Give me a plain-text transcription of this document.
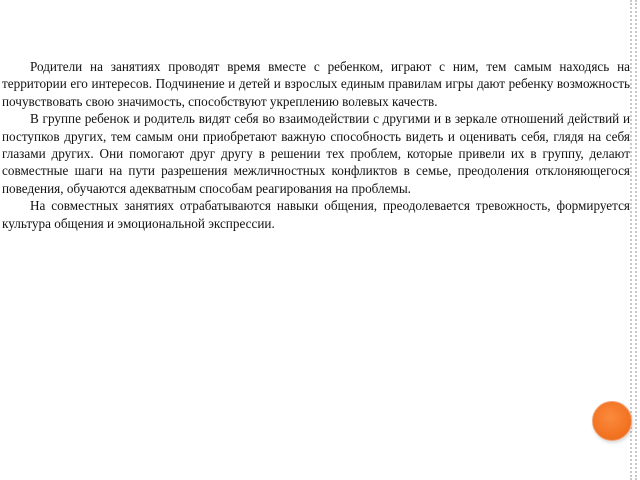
Родители на занятиях проводят время вместе с ребенком, играют с ним, тем самым находясь на территории его интересов. Подчинение и детей и взрослых единым правилам игры дают ребенку возможность почувствовать свою значимость, способствуют укреплению волевых качеств.

В группе ребенок и родитель видят себя во взаимодействии с другими и в зеркале отношений действий и поступков других, тем самым они приобретают важную способность видеть и оценивать себя, глядя на себя глазами других. Они помогают друг другу в решении тех проблем, которые привели их в группу, делают совместные шаги на пути разрешения межличностных конфликтов в семье, преодоления отклоняющегося поведения, обучаются адекватным способам реагирования на проблемы.

На совместных занятиях отрабатываются навыки общения, преодолевается тревожность, формируется культура общения и эмоциональной экспрессии.
